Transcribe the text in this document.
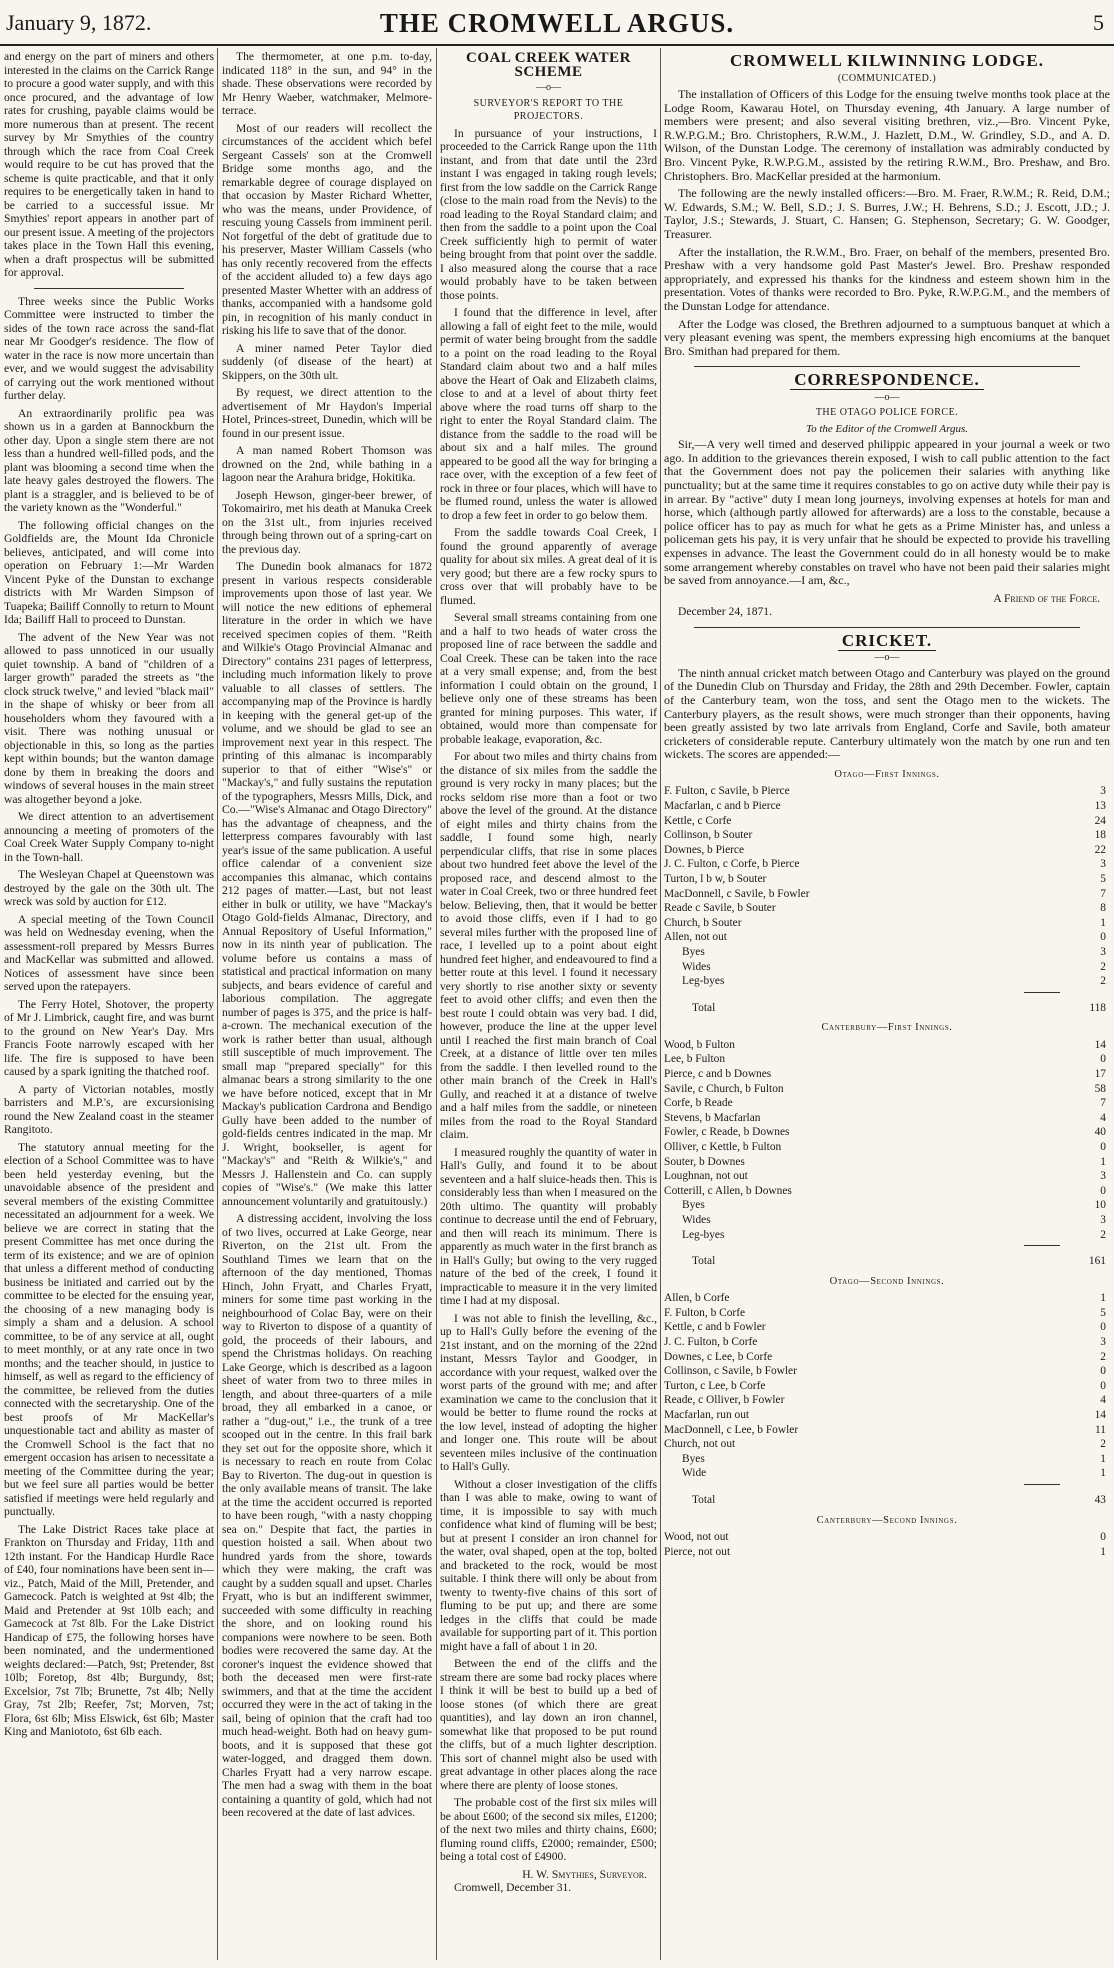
January 9, 1872.	THE CROMWELL ARGUS.	5

and energy on the part of miners and others interested in the claims on the Carrick Range to procure a good water supply, and with this once procured, and the advantage of low rates for crushing, payable claims would be more numerous than at present. The recent survey by Mr Smythies of the country through which the race from Coal Creek would require to be cut has proved that the scheme is quite practicable, and that it only requires to be energetically taken in hand to be carried to a successful issue. Mr Smythies' report appears in another part of our present issue. A meeting of the projectors takes place in the Town Hall this evening, when a draft prospectus will be submitted for approval.

Three weeks since the Public Works Committee were instructed to timber the sides of the town race across the sand-flat near Mr Goodger's residence. The flow of water in the race is now more uncertain than ever, and we would suggest the advisability of carrying out the work mentioned without further delay.

An extraordinarily prolific pea was shown us in a garden at Bannockburn the other day. Upon a single stem there are not less than a hundred well-filled pods, and the plant was blooming a second time when the late heavy gales destroyed the flowers. The plant is a straggler, and is believed to be of the variety known as the "Wonderful."

The following official changes on the Goldfields are, the Mount Ida Chronicle believes, anticipated, and will come into operation on February 1:—Mr Warden Vincent Pyke of the Dunstan to exchange districts with Mr Warden Simpson of Tuapeka; Bailiff Connolly to return to Mount Ida; Bailiff Hall to proceed to Dunstan.

The advent of the New Year was not allowed to pass unnoticed in our usually quiet township. A band of "children of a larger growth" paraded the streets as "the clock struck twelve," and levied "black mail" in the shape of whisky or beer from all householders whom they favoured with a visit. There was nothing unusual or objectionable in this, so long as the parties kept within bounds; but the wanton damage done by them in breaking the doors and windows of several houses in the main street was altogether beyond a joke.

We direct attention to an advertisement announcing a meeting of promoters of the Coal Creek Water Supply Company to-night in the Town-hall.

The Wesleyan Chapel at Queenstown was destroyed by the gale on the 30th ult. The wreck was sold by auction for £12.

A special meeting of the Town Council was held on Wednesday evening, when the assessment-roll prepared by Messrs Burres and MacKellar was submitted and allowed. Notices of assessment have since been served upon the ratepayers.

The Ferry Hotel, Shotover, the property of Mr J. Limbrick, caught fire, and was burnt to the ground on New Year's Day. Mrs Francis Foote narrowly escaped with her life. The fire is supposed to have been caused by a spark igniting the thatched roof.

A party of Victorian notables, mostly barristers and M.P.'s, are excursionising round the New Zealand coast in the steamer Rangitoto.

The statutory annual meeting for the election of a School Committee was to have been held yesterday evening, but the unavoidable absence of the president and several members of the existing Committee necessitated an adjournment for a week. We believe we are correct in stating that the present Committee has met once during the term of its existence; and we are of opinion that unless a different method of conducting business be initiated and carried out by the committee to be elected for the ensuing year, the choosing of a new managing body is simply a sham and a delusion. A school committee, to be of any service at all, ought to meet monthly, or at any rate once in two months; and the teacher should, in justice to himself, as well as regard to the efficiency of the committee, be relieved from the duties connected with the secretaryship. One of the best proofs of Mr MacKellar's unquestionable tact and ability as master of the Cromwell School is the fact that no emergent occasion has arisen to necessitate a meeting of the Committee during the year; but we feel sure all parties would be better satisfied if meetings were held regularly and punctually.

The Lake District Races take place at Frankton on Thursday and Friday, 11th and 12th instant. For the Handicap Hurdle Race of £40, four nominations have been sent in—viz., Patch, Maid of the Mill, Pretender, and Gamecock. Patch is weighted at 9st 4lb; the Maid and Pretender at 9st 10lb each; and Gamecock at 7st 8lb. For the Lake District Handicap of £75, the following horses have been nominated, and the undermentioned weights declared:—Patch, 9st; Pretender, 8st 10lb; Foretop, 8st 4lb; Burgundy, 8st; Excelsior, 7st 7lb; Brunette, 7st 4lb; Nelly Gray, 7st 2lb; Reefer, 7st; Morven, 7st; Flora, 6st 6lb; Miss Elswick, 6st 6lb; Master King and Maniototo, 6st 6lb each.

The thermometer, at one p.m. to-day, indicated 118° in the sun, and 94° in the shade. These observations were recorded by Mr Henry Waeber, watchmaker, Melmore-terrace.

Most of our readers will recollect the circumstances of the accident which befel Sergeant Cassels' son at the Cromwell Bridge some months ago, and the remarkable degree of courage displayed on that occasion by Master Richard Whetter, who was the means, under Providence, of rescuing young Cassels from imminent peril. Not forgetful of the debt of gratitude due to his preserver, Master William Cassels (who has only recently recovered from the effects of the accident alluded to) a few days ago presented Master Whetter with an address of thanks, accompanied with a handsome gold pin, in recognition of his manly conduct in risking his life to save that of the donor.

A miner named Peter Taylor died suddenly (of disease of the heart) at Skippers, on the 30th ult.

By request, we direct attention to the advertisement of Mr Haydon's Imperial Hotel, Princes-street, Dunedin, which will be found in our present issue.

A man named Robert Thomson was drowned on the 2nd, while bathing in a lagoon near the Arahura bridge, Hokitika.

Joseph Hewson, ginger-beer brewer, of Tokomairiro, met his death at Manuka Creek on the 31st ult., from injuries received through being thrown out of a spring-cart on the previous day.

The Dunedin book almanacs for 1872 present in various respects considerable improvements upon those of last year. We will notice the new editions of ephemeral literature in the order in which we have received specimen copies of them. "Reith and Wilkie's Otago Provincial Almanac and Directory" contains 231 pages of letterpress, including much information likely to prove valuable to all classes of settlers. The accompanying map of the Province is hardly in keeping with the general get-up of the volume, and we should be glad to see an improvement next year in this respect. The printing of this almanac is incomparably superior to that of either "Wise's" or "Mackay's," and fully sustains the reputation of the typographers, Messrs Mills, Dick, and Co.—"Wise's Almanac and Otago Directory" has the advantage of cheapness, and the letterpress compares favourably with last year's issue of the same publication. A useful office calendar of a convenient size accompanies this almanac, which contains 212 pages of matter.—Last, but not least either in bulk or utility, we have "Mackay's Otago Gold-fields Almanac, Directory, and Annual Repository of Useful Information," now in its ninth year of publication. The volume before us contains a mass of statistical and practical information on many subjects, and bears evidence of careful and laborious compilation. The aggregate number of pages is 375, and the price is half-a-crown. The mechanical execution of the work is rather better than usual, although still susceptible of much improvement. The small map "prepared specially" for this almanac bears a strong similarity to the one we have before noticed, except that in Mr Mackay's publication Cardrona and Bendigo Gully have been added to the number of gold-fields centres indicated in the map. Mr J. Wright, bookseller, is agent for "Mackay's" and "Reith & Wilkie's," and Messrs J. Hallenstein and Co. can supply copies of "Wise's." (We make this latter announcement voluntarily and gratuitously.)

A distressing accident, involving the loss of two lives, occurred at Lake George, near Riverton, on the 21st ult. From the Southland Times we learn that on the afternoon of the day mentioned, Thomas Hinch, John Fryatt, and Charles Fryatt, miners for some time past working in the neighbourhood of Colac Bay, were on their way to Riverton to dispose of a quantity of gold, the proceeds of their labours, and spend the Christmas holidays. On reaching Lake George, which is described as a lagoon sheet of water from two to three miles in length, and about three-quarters of a mile broad, they all embarked in a canoe, or rather a "dug-out," i.e., the trunk of a tree scooped out in the centre. In this frail bark they set out for the opposite shore, which it is necessary to reach en route from Colac Bay to Riverton. The dug-out in question is the only available means of transit. The lake at the time the accident occurred is reported to have been rough, "with a nasty chopping sea on." Despite that fact, the parties in question hoisted a sail. When about two hundred yards from the shore, towards which they were making, the craft was caught by a sudden squall and upset. Charles Fryatt, who is but an indifferent swimmer, succeeded with some difficulty in reaching the shore, and on looking round his companions were nowhere to be seen. Both bodies were recovered the same day. At the coroner's inquest the evidence showed that both the deceased men were first-rate swimmers, and that at the time the accident occurred they were in the act of taking in the sail, being of opinion that the craft had too much head-weight. Both had on heavy gum-boots, and it is supposed that these got water-logged, and dragged them down. Charles Fryatt had a very narrow escape. The men had a swag with them in the boat containing a quantity of gold, which had not been recovered at the date of last advices.

COAL CREEK WATER SCHEME
—o—
SURVEYOR'S REPORT TO THE PROJECTORS.

In pursuance of your instructions, I proceeded to the Carrick Range upon the 11th instant, and from that date until the 23rd instant I was engaged in taking rough levels; first from the low saddle on the Carrick Range (close to the main road from the Nevis) to the road leading to the Royal Standard claim; and then from the saddle to a point upon the Coal Creek sufficiently high to permit of water being brought from that point over the saddle. I also measured along the course that a race would probably have to be taken between those points.

I found that the difference in level, after allowing a fall of eight feet to the mile, would permit of water being brought from the saddle to a point on the road leading to the Royal Standard claim about two and a half miles above the Heart of Oak and Elizabeth claims, close to and at a level of about thirty feet above where the road turns off sharp to the right to enter the Royal Standard claim. The distance from the saddle to the road will be about six and a half miles. The ground appeared to be good all the way for bringing a race over, with the exception of a few feet of rock in three or four places, which will have to be flumed round, unless the water is allowed to drop a few feet in order to go below them.

From the saddle towards Coal Creek, I found the ground apparently of average quality for about six miles. A great deal of it is very good; but there are a few rocky spurs to cross over that will probably have to be flumed.

Several small streams containing from one and a half to two heads of water cross the proposed line of race between the saddle and Coal Creek. These can be taken into the race at a very small expense; and, from the best information I could obtain on the ground, I believe only one of these streams has been granted for mining purposes. This water, if obtained, would more than compensate for probable leakage, evaporation, &c.

For about two miles and thirty chains from the distance of six miles from the saddle the ground is very rocky in many places; but the rocks seldom rise more than a foot or two above the level of the ground. At the distance of eight miles and thirty chains from the saddle, I found some high, nearly perpendicular cliffs, that rise in some places about two hundred feet above the level of the proposed race, and descend almost to the water in Coal Creek, two or three hundred feet below. Believing, then, that it would be better to avoid those cliffs, even if I had to go several miles further with the proposed line of race, I levelled up to a point about eight hundred feet higher, and endeavoured to find a better route at this level. I found it necessary very shortly to rise another sixty or seventy feet to avoid other cliffs; and even then the best route I could obtain was very bad. I did, however, produce the line at the upper level until I reached the first main branch of Coal Creek, at a distance of little over ten miles from the saddle. I then levelled round to the other main branch of the Creek in Hall's Gully, and reached it at a distance of twelve and a half miles from the saddle, or nineteen miles from the road to the Royal Standard claim.

I measured roughly the quantity of water in Hall's Gully, and found it to be about seventeen and a half sluice-heads then. This is considerably less than when I measured on the 20th ultimo. The quantity will probably continue to decrease until the end of February, and then will reach its minimum. There is apparently as much water in the first branch as in Hall's Gully; but owing to the very rugged nature of the bed of the creek, I found it impracticable to measure it in the very limited time I had at my disposal.

I was not able to finish the levelling, &c., up to Hall's Gully before the evening of the 21st instant, and on the morning of the 22nd instant, Messrs Taylor and Goodger, in accordance with your request, walked over the worst parts of the ground with me; and after examination we came to the conclusion that it would be better to flume round the rocks at the low level, instead of adopting the higher and longer one. This route will be about seventeen miles inclusive of the continuation to Hall's Gully.

Without a closer investigation of the cliffs than I was able to make, owing to want of time, it is impossible to say with much confidence what kind of fluming will be best; but at present I consider an iron channel for the water, oval shaped, open at the top, bolted and bracketed to the rock, would be most suitable. I think there will only be about from twenty to twenty-five chains of this sort of fluming to be put up; and there are some ledges in the cliffs that could be made available for supporting part of it. This portion might have a fall of about 1 in 20.

Between the end of the cliffs and the stream there are some bad rocky places where I think it will be best to build up a bed of loose stones (of which there are great quantities), and lay down an iron channel, somewhat like that proposed to be put round the cliffs, but of a much lighter description. This sort of channel might also be used with great advantage in other places along the race where there are plenty of loose stones.

The probable cost of the first six miles will be about £600; of the second six miles, £1200; of the next two miles and thirty chains, £600; fluming round cliffs, £2000; remainder, £500; being a total cost of £4900.

H. W. Smythies, Surveyor.
Cromwell, December 31.
CROMWELL KILWINNING LODGE.
(COMMUNICATED.)

The installation of Officers of this Lodge for the ensuing twelve months took place at the Lodge Room, Kawarau Hotel, on Thursday evening, 4th January. A large number of members were present; and also several visiting brethren, viz.,—Bro. Vincent Pyke, R.W.P.G.M.; Bro. Christophers, R.W.M., J. Hazlett, D.M., W. Grindley, S.D., and A. D. Wilson, of the Dunstan Lodge. The ceremony of installation was admirably conducted by Bro. Vincent Pyke, R.W.P.G.M., assisted by the retiring R.W.M., Bro. Preshaw, and Bro. Christophers. Bro. MacKellar presided at the harmonium.

The following are the newly installed officers:—Bro. M. Fraer, R.W.M.; R. Reid, D.M.; W. Edwards, S.M.; W. Bell, S.D.; J. S. Burres, J.W.; H. Behrens, S.D.; J. Escott, J.D.; J. Taylor, J.S.; Stewards, J. Stuart, C. Hansen; G. Stephenson, Secretary; G. W. Goodger, Treasurer.

After the installation, the R.W.M., Bro. Fraer, on behalf of the members, presented Bro. Preshaw with a very handsome gold Past Master's Jewel. Bro. Preshaw responded appropriately, and expressed his thanks for the kindness and esteem shown him in the presentation. Votes of thanks were recorded to Bro. Pyke, R.W.P.G.M., and the members of the Dunstan Lodge for attendance.

After the Lodge was closed, the Brethren adjourned to a sumptuous banquet at which a very pleasant evening was spent, the members expressing high encomiums at the banquet Bro. Smithan had prepared for them.

CORRESPONDENCE.
—o—
THE OTAGO POLICE FORCE.
To the Editor of the Cromwell Argus.

Sir,—A very well timed and deserved philippic appeared in your journal a week or two ago. In addition to the grievances therein exposed, I wish to call public attention to the fact that the Government does not pay the policemen their salaries with anything like punctuality; but at the same time it requires constables to go on active duty while their pay is in arrear. By "active" duty I mean long journeys, involving expenses at hotels for man and horse, which (although partly allowed for afterwards) are a loss to the constable, because a police officer has to pay as much for what he gets as a Prime Minister has, and unless a policeman gets his pay, it is very unfair that he should be expected to provide his travelling expenses in advance. The least the Government could do in all honesty would be to make some arrangement whereby constables on travel who have not been paid their salaries might be saved from annoyance.—I am, &c.,

A Friend of the Force.
December 24, 1871.
CRICKET.
—o—

The ninth annual cricket match between Otago and Canterbury was played on the ground of the Dunedin Club on Thursday and Friday, the 28th and 29th December. Fowler, captain of the Canterbury team, won the toss, and sent the Otago men to the wickets. The Canterbury players, as the result shows, were much stronger than their opponents, having been greatly assisted by two late arrivals from England, Corfe and Savile, both amateur cricketers of considerable repute. Canterbury ultimately won the match by one run and ten wickets. The scores are appended:—

Otago—First Innings.
F. Fulton, c Savile, b Pierce	3
Macfarlan, c and b Pierce	13
Kettle, c Corfe	24
Collinson, b Souter	18
Downes, b Pierce	22
J. C. Fulton, c Corfe, b Pierce	3
Turton, l b w, b Souter	5
MacDonnell, c Savile, b Fowler	7
Reade c Savile, b Souter	8
Church, b Souter	1
Allen, not out	0
Byes	3
Wides	2
Leg-byes	2
Total	118
Canterbury—First Innings.
Wood, b Fulton	14
Lee, b Fulton	0
Pierce, c and b Downes	17
Savile, c Church, b Fulton	58
Corfe, b Reade	7
Stevens, b Macfarlan	4
Fowler, c Reade, b Downes	40
Olliver, c Kettle, b Fulton	0
Souter, b Downes	1
Loughnan, not out	3
Cotterill, c Allen, b Downes	0
Byes	10
Wides	3
Leg-byes	2
Total	161
Otago—Second Innings.
Allen, b Corfe	1
F. Fulton, b Corfe	5
Kettle, c and b Fowler	0
J. C. Fulton, b Corfe	3
Downes, c Lee, b Corfe	2
Collinson, c Savile, b Fowler	0
Turton, c Lee, b Corfe	0
Reade, c Olliver, b Fowler	4
Macfarlan, run out	14
MacDonnell, c Lee, b Fowler	11
Church, not out	2
Byes	1
Wide	1
Total	43
Canterbury—Second Innings.
Wood, not out	0
Pierce, not out	1
